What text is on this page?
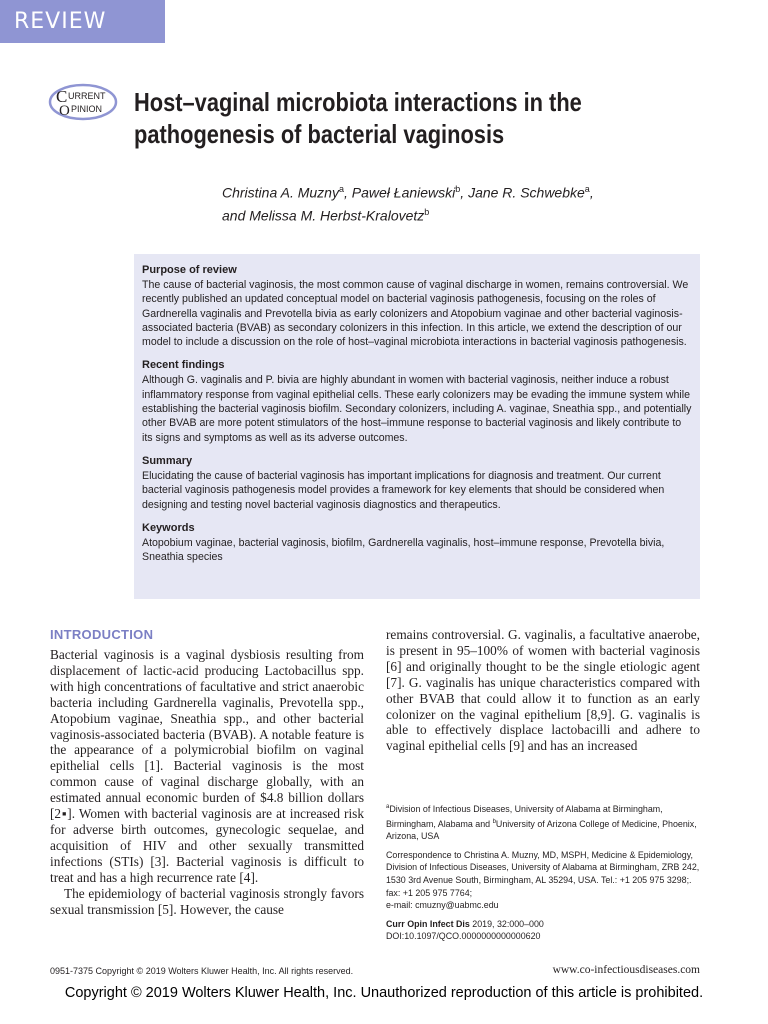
REVIEW
C URRENT
O PINION Host–vaginal microbiota interactions in the
pathogenesis of bacterial vaginosis
Christina A. Muzny$^a$, Paweł Łaniewski$^b$, Jane R. Schwebke$^a$,
and Melissa M. Herbst-Kralovetz$^b$
Purpose of review

The cause of bacterial vaginosis, the most common cause of vaginal discharge in women, remains controversial. We recently published an updated conceptual model on bacterial vaginosis pathogenesis, focusing on the roles of Gardnerella vaginalis and Prevotella bivia as early colonizers and Atopobium vaginae and other bacterial vaginosis-associated bacteria (BVAB) as secondary colonizers in this infection. In this article, we extend the description of our model to include a discussion on the role of host–vaginal microbiota interactions in bacterial vaginosis pathogenesis.

Recent findings

Although G. vaginalis and P. bivia are highly abundant in women with bacterial vaginosis, neither induce a robust inflammatory response from vaginal epithelial cells. These early colonizers may be evading the immune system while establishing the bacterial vaginosis biofilm. Secondary colonizers, including A. vaginae, Sneathia spp., and potentially other BVAB are more potent stimulators of the host–immune response to bacterial vaginosis and likely contribute to its signs and symptoms as well as its adverse outcomes.

Summary

Elucidating the cause of bacterial vaginosis has important implications for diagnosis and treatment. Our current bacterial vaginosis pathogenesis model provides a framework for key elements that should be considered when designing and testing novel bacterial vaginosis diagnostics and therapeutics.

Keywords

Atopobium vaginae, bacterial vaginosis, biofilm, Gardnerella vaginalis, host–immune response, Prevotella bivia, Sneathia species

INTRODUCTION

Bacterial vaginosis is a vaginal dysbiosis resulting from displacement of lactic-acid producing Lactobacillus spp. with high concentrations of facultative and strict anaerobic bacteria including Gardnerella vaginalis, Prevotella spp., Atopobium vaginae, Sneathia spp., and other bacterial vaginosis-associated bacteria (BVAB). A notable feature is the appearance of a polymicrobial biofilm on vaginal epithelial cells [1]. Bacterial vaginosis is the most common cause of vaginal discharge globally, with an estimated annual economic burden of $4.8 billion dollars [2▪]. Women with bacterial vaginosis are at increased risk for adverse birth outcomes, gynecologic sequelae, and acquisition of HIV and other sexually transmitted infections (STIs) [3]. Bacterial vaginosis is difficult to treat and has a high recurrence rate [4].

The epidemiology of bacterial vaginosis strongly favors sexual transmission [5]. However, the cause

remains controversial. G. vaginalis, a facultative anaerobe, is present in 95–100% of women with bacterial vaginosis [6] and originally thought to be the single etiologic agent [7]. G. vaginalis has unique characteristics compared with other BVAB that could allow it to function as an early colonizer on the vaginal epithelium [8,9]. G. vaginalis is able to effectively displace lactobacilli and adhere to vaginal epithelial cells [9] and has an increased

$^a$Division of Infectious Diseases, University of Alabama at Birmingham, Birmingham, Alabama and $^b$University of Arizona College of Medicine, Phoenix, Arizona, USA

Correspondence to Christina A. Muzny, MD, MSPH, Medicine & Epidemiology, Division of Infectious Diseases, University of Alabama at Birmingham, ZRB 242, 1530 3rd Avenue South, Birmingham, AL 35294, USA. Tel.: +1 205 975 3298;. fax: +1 205 975 7764;

e-mail: cmuzny@uabmc.edu

Curr Opin Infect Dis 2019, 32:000–000

DOI:10.1097/QCO.0000000000000620

0951-7375 Copyright © 2019 Wolters Kluwer Health, Inc. All rights reserved.	www.co-infectiousdiseases.com
Copyright © 2019 Wolters Kluwer Health, Inc. Unauthorized reproduction of this article is prohibited.
